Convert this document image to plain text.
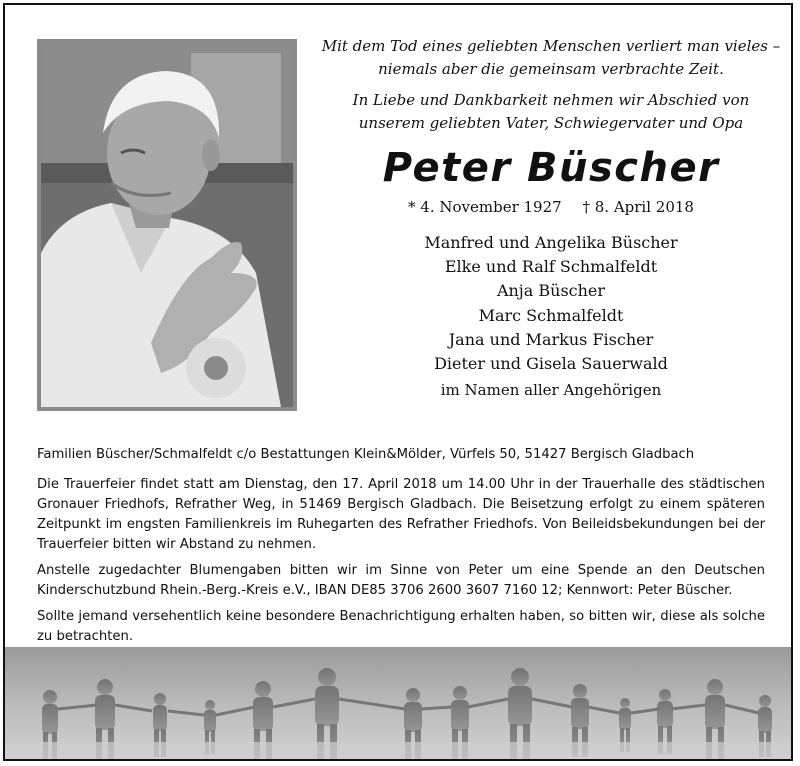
Mit dem Tod eines geliebten Menschen verliert man vieles –
niemals aber die gemeinsam verbrachte Zeit.
In Liebe und Dankbarkeit nehmen wir Abschied von
unserem geliebten Vater, Schwiegervater und Opa
Peter Büscher
* 4. November 1927 † 8. April 2018
Manfred und Angelika Büscher
Elke und Ralf Schmalfeldt
Anja Büscher
Marc Schmalfeldt
Jana und Markus Fischer
Dieter und Gisela Sauerwald
im Namen aller Angehörigen

Familien Büscher/Schmalfeldt c/o Bestattungen Klein&Mölder, Vürfels 50, 51427 Bergisch Gladbach

Die Trauerfeier findet statt am Dienstag, den 17. April 2018 um 14.00 Uhr in der Trauerhalle des städtischen Gronauer Friedhofs, Refrather Weg, in 51469 Bergisch Gladbach. Die Beisetzung erfolgt zu einem späteren Zeitpunkt im engsten Familienkreis im Ruhegarten des Refrather Friedhofs. Von Beileidsbekundungen bei der Trauerfeier bitten wir Abstand zu nehmen.

Anstelle zugedachter Blumengaben bitten wir im Sinne von Peter um eine Spende an den Deutschen Kinderschutzbund Rhein.-Berg.-Kreis e.V., IBAN DE85 3706 2600 3607 7160 12; Kennwort: Peter Büscher.

Sollte jemand versehentlich keine besondere Benachrichtigung erhalten haben, so bitten wir, diese als solche zu betrachten.
